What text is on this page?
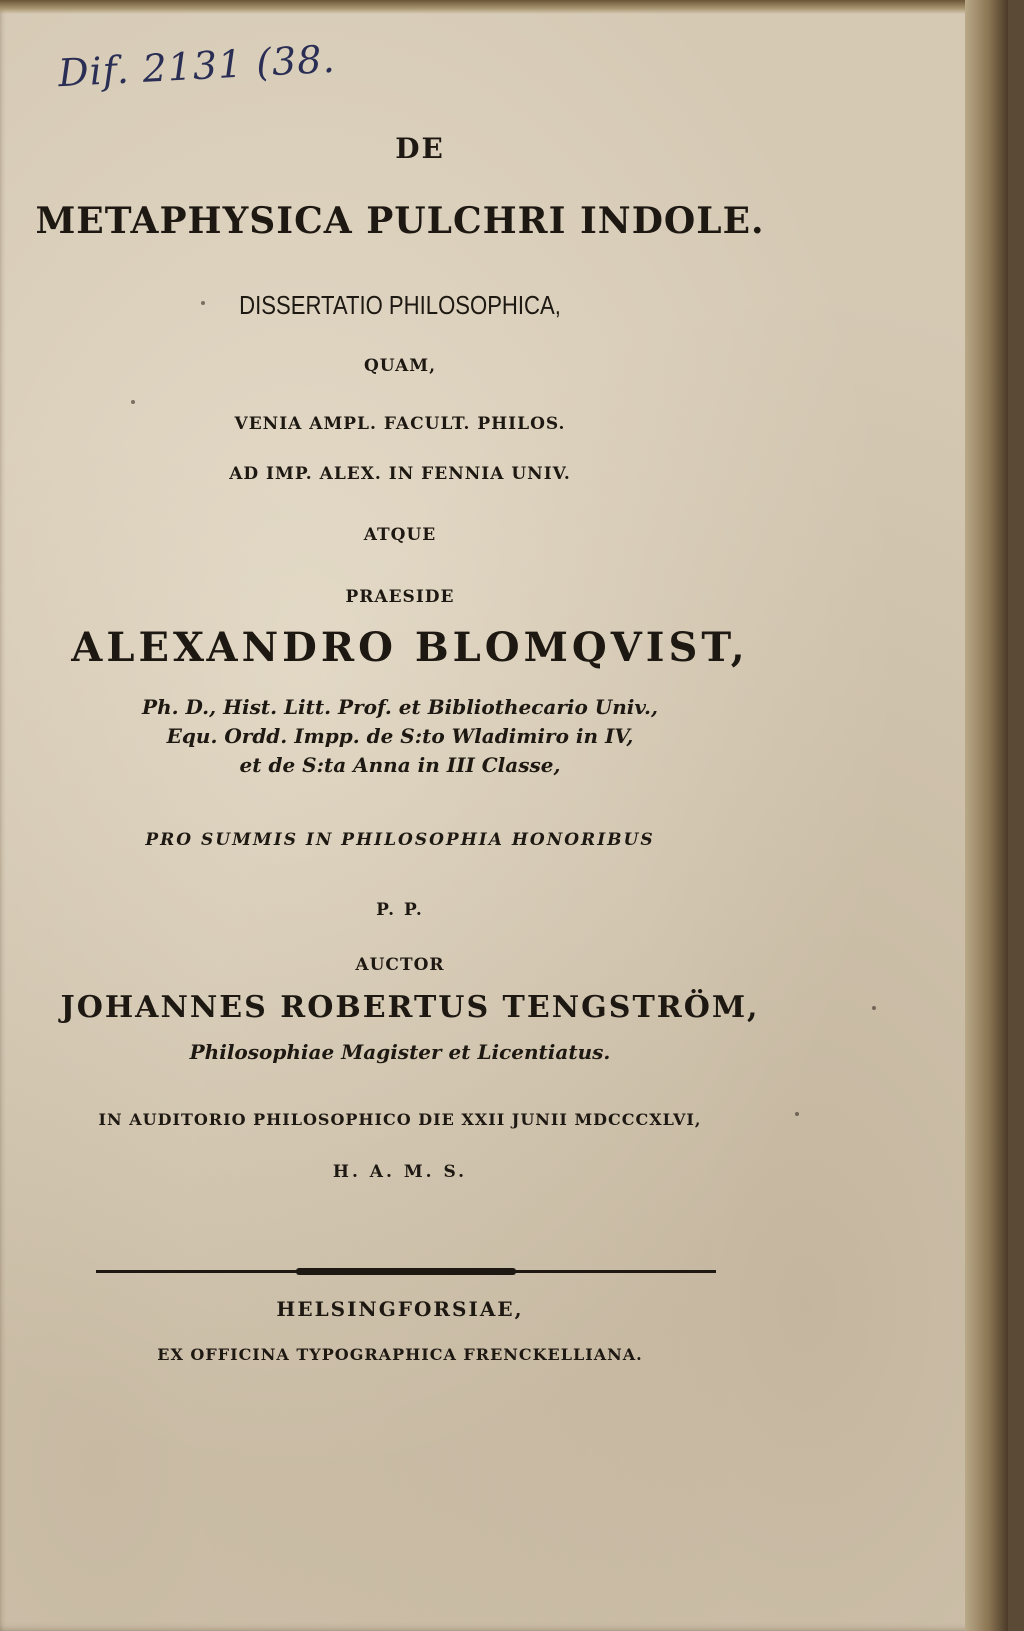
Dif. 2131 (38.
DE
METAPHYSICA PULCHRI INDOLE.
DISSERTATIO PHILOSOPHICA,
QUAM,
VENIA AMPL. FACULT. PHILOS.
AD IMP. ALEX. IN FENNIA UNIV.
ATQUE
PRAESIDE
ALEXANDRO BLOMQVIST,
Ph. D., Hist. Litt. Prof. et Bibliothecario Univ.,
Equ. Ordd. Impp. de S:to Wladimiro in IV,
et de S:ta Anna in III Classe,
PRO SUMMIS IN PHILOSOPHIA HONORIBUS
P. P.
AUCTOR
JOHANNES ROBERTUS TENGSTRÖM,
Philosophiae Magister et Licentiatus.
IN AUDITORIO PHILOSOPHICO DIE XXII JUNII MDCCCXLVI,
H. A. M. S.
HELSINGFORSIAE,
EX OFFICINA TYPOGRAPHICA FRENCKELLIANA.
